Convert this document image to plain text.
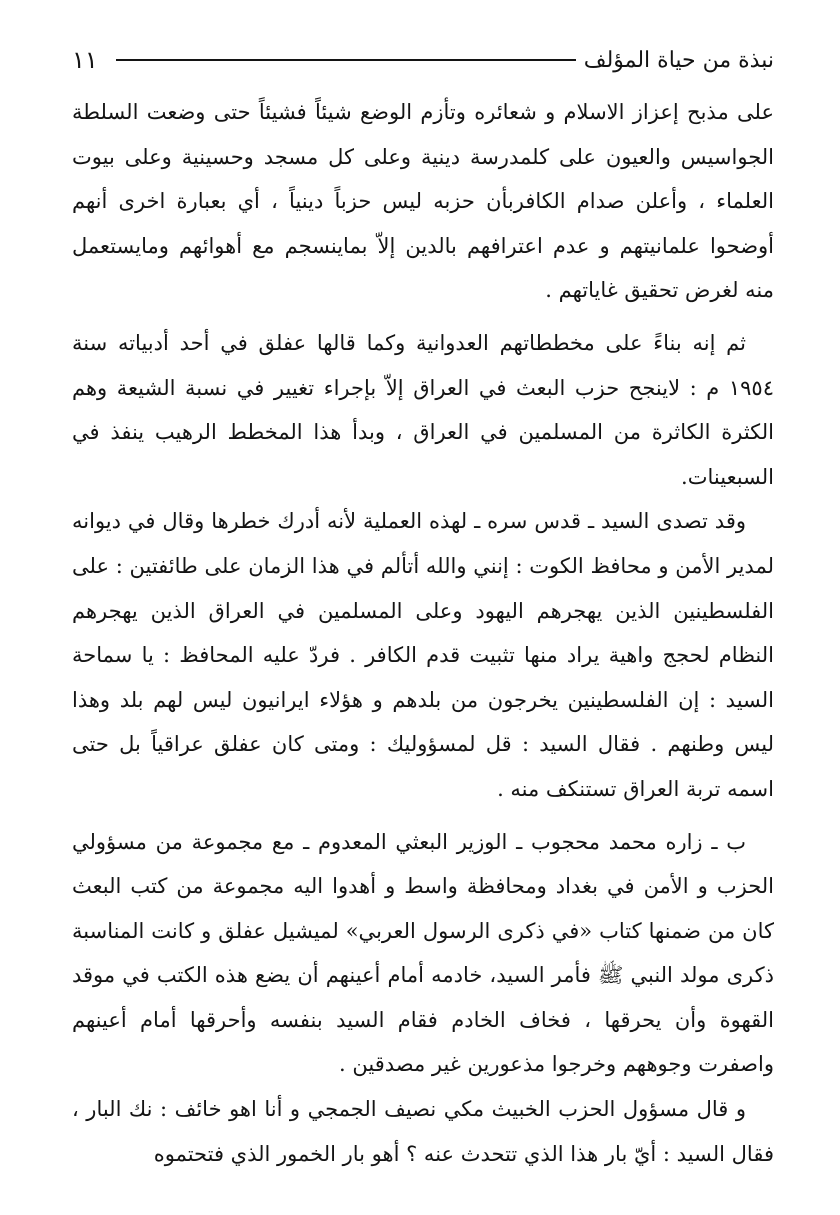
نبذة من حياة المؤلف
١١

على مذبح إعزاز الاسلام و شعائره وتأزم الوضع شيئاً فشيئاً حتى وضعت السلطة الجواسيس والعيون على كلمدرسة دينية وعلى كل مسجد وحسينية وعلى بيوت العلماء ، وأعلن صدام الكافربأن حزبه ليس حزباً دينياً ، أي بعبارة اخرى أنهم أوضحوا علمانيتهم و عدم اعترافهم بالدين إلاّ بماينسجم مع أهوائهم ومايستعمل منه لغرض تحقيق غاياتهم .

ثم إنه بناءً على مخططاتهم العدوانية وكما قالها عفلق في أحد أدبياته سنة ١٩٥٤ م : لاينجح حزب البعث في العراق إلاّ بإجراء تغيير في نسبة الشيعة وهم الكثرة الكاثرة من المسلمين في العراق ، وبدأ هذا المخطط الرهيب ينفذ في السبعينات.

وقد تصدى السيد ـ قدس سره ـ لهذه العملية لأنه أدرك خطرها وقال في ديوانه لمدير الأمن و محافظ الكوت : إنني والله أتألم في هذا الزمان على طائفتين : على الفلسطينين الذين يهجرهم اليهود وعلى المسلمين في العراق الذين يهجرهم النظام لحجج واهية يراد منها تثبيت قدم الكافر . فردّ عليه المحافظ : يا سماحة السيد : إن الفلسطينين يخرجون من بلدهم و هؤلاء ايرانيون ليس لهم بلد وهذا ليس وطنهم . فقال السيد : قل لمسؤوليك : ومتى كان عفلق عراقياً بل حتى اسمه تربة العراق تستنكف منه .

ب ـ زاره محمد محجوب ـ الوزير البعثي المعدوم ـ مع مجموعة من مسؤولي الحزب و الأمن في بغداد ومحافظة واسط و أهدوا اليه مجموعة من كتب البعث كان من ضمنها كتاب «في ذكرى الرسول العربي» لميشيل عفلق و كانت المناسبة ذكرى مولد النبي ﷺ فأمر السيد، خادمه أمام أعينهم أن يضع هذه الكتب في موقد القهوة وأن يحرقها ، فخاف الخادم فقام السيد بنفسه وأحرقها أمام أعينهم واصفرت وجوههم وخرجوا مذعورين غير مصدقين .

و قال مسؤول الحزب الخبيث مكي نصيف الجمجي و أنا اهو خائف : نك البار ، فقال السيد : أيّ بار هذا الذي تتحدث عنه ؟ أهو بار الخمور الذي فتحتموه
